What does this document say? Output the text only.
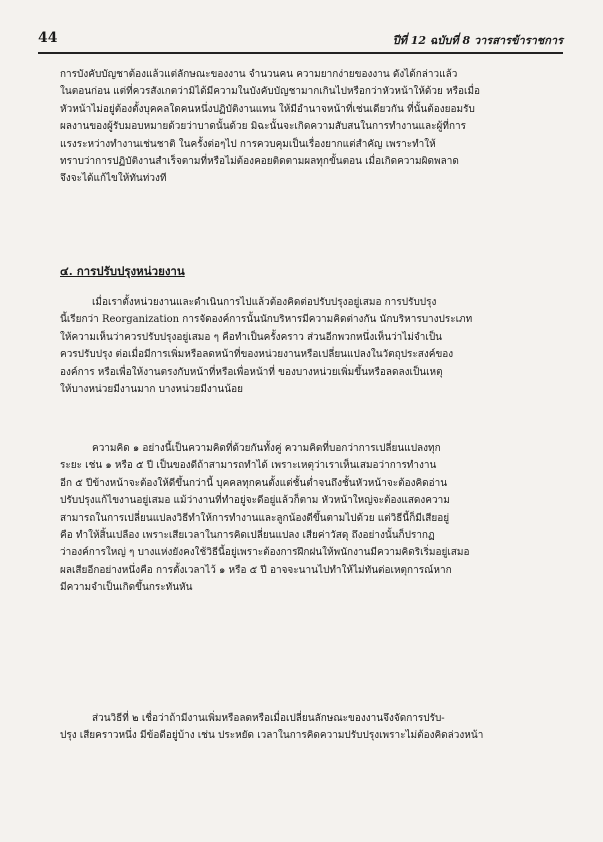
44	ปีที่ 12 ฉบับที่ 8 วารสารข้าราชการ
การบังคับบัญชาต้องแล้วแต่ลักษณะของงาน จำนวนคน ความยากง่ายของงาน ดังได้กล่าวแล้ว
ในตอนก่อน แต่ที่ควรสังเกตว่ามิได้มีความในบังคับบัญชามากเกินไปหรือกว่าหัวหน้าให้ด้วย หรือเมื่อ
หัวหน้าไม่อยู่ต้องตั้งบุคคลใดคนหนึ่งปฏิบัติงานแทน ให้มีอำนาจหน้าที่เช่นเดียวกัน ที่นั้นต้องยอมรับ
ผลงานของผู้รับมอบหมายด้วยว่าบาดนั้นด้วย มิฉะนั้นจะเกิดความสับสนในการทำงานและผู้ที่การ
แรงระหว่างทำงานเช่นชาติ ในครั้งต่อๆไป การควบคุมเป็นเรื่องยากแต่สำคัญ เพราะทำให้
ทราบว่าการปฏิบัติงานสำเร็จตามที่หรือไม่ต้องคอยติดตามผลทุกขั้นตอน เมื่อเกิดความผิดพลาด
จึงจะได้แก้ไขให้ทันท่วงที
๔. การปรับปรุงหน่วยงาน
เมื่อเราตั้งหน่วยงานและดำเนินการไปแล้วต้องคิดต่อปรับปรุงอยู่เสมอ การปรับปรุง
นี้เรียกว่า Reorganization การจัดองค์การนั้นนักบริหารมีความคิดต่างกัน นักบริหารบางประเภท
ให้ความเห็นว่าควรปรับปรุงอยู่เสมอ ๆ คือทำเป็นครั้งคราว ส่วนอีกพวกหนึ่งเห็นว่าไม่จำเป็น
ควรปรับปรุง ต่อเมื่อมีการเพิ่มหรือลดหน้าที่ของหน่วยงานหรือเปลี่ยนแปลงในวัตถุประสงค์ของ
องค์การ หรือเพื่อให้งานตรงกับหน้าที่หรือเพื่อหน้าที่ ของบางหน่วยเพิ่มขึ้นหรือลดลงเป็นเหตุ
ให้บางหน่วยมีงานมาก บางหน่วยมีงานน้อย
ความคิด ๑ อย่างนี้เป็นความคิดที่ด้วยกันทั้งคู่ ความคิดที่บอกว่าการเปลี่ยนแปลงทุก
ระยะ เช่น ๑ หรือ ๕ ปี เป็นของดีถ้าสามารถทำได้ เพราะเหตุว่าเราเห็นเสมอว่าการทำงาน
อีก ๕ ปีข้างหน้าจะต้องให้ดีขึ้นกว่านี้ บุคคลทุกคนตั้งแต่ชั้นต่ำจนถึงชั้นหัวหน้าจะต้องคิดอ่าน
ปรับปรุงแก้ไขงานอยู่เสมอ แม้ว่างานที่ทำอยู่จะดีอยู่แล้วก็ตาม หัวหน้าใหญ่จะต้องแสดงความ
สามารถในการเปลี่ยนแปลงวิธีทำให้การทำงานและลูกน้องดีขึ้นตามไปด้วย แต่วิธีนี้ก็มีเสียอยู่
คือ ทำให้สิ้นเปลือง เพราะเสียเวลาในการคิดเปลี่ยนแปลง เสียค่าวัสดุ ถึงอย่างนั้นก็ปรากฏ
ว่าองค์การใหญ่ ๆ บางแห่งยังคงใช้วิธีนี้อยู่เพราะต้องการฝึกฝนให้พนักงานมีความคิดริเริ่มอยู่เสมอ
ผลเสียอีกอย่างหนึ่งคือ การตั้งเวลาไว้ ๑ หรือ ๕ ปี อาจจะนานไปทำให้ไม่ทันต่อเหตุการณ์หาก
มีความจำเป็นเกิดขึ้นกระทันหัน
ส่วนวิธีที่ ๒ เชื่อว่าถ้ามีงานเพิ่มหรือลดหรือเมื่อเปลี่ยนลักษณะของงานจึงจัดการปรับ-
ปรุง เสียคราวหนึ่ง มีข้อดีอยู่บ้าง เช่น ประหยัด เวลาในการคิดความปรับปรุงเพราะไม่ต้องคิดล่วงหน้า
